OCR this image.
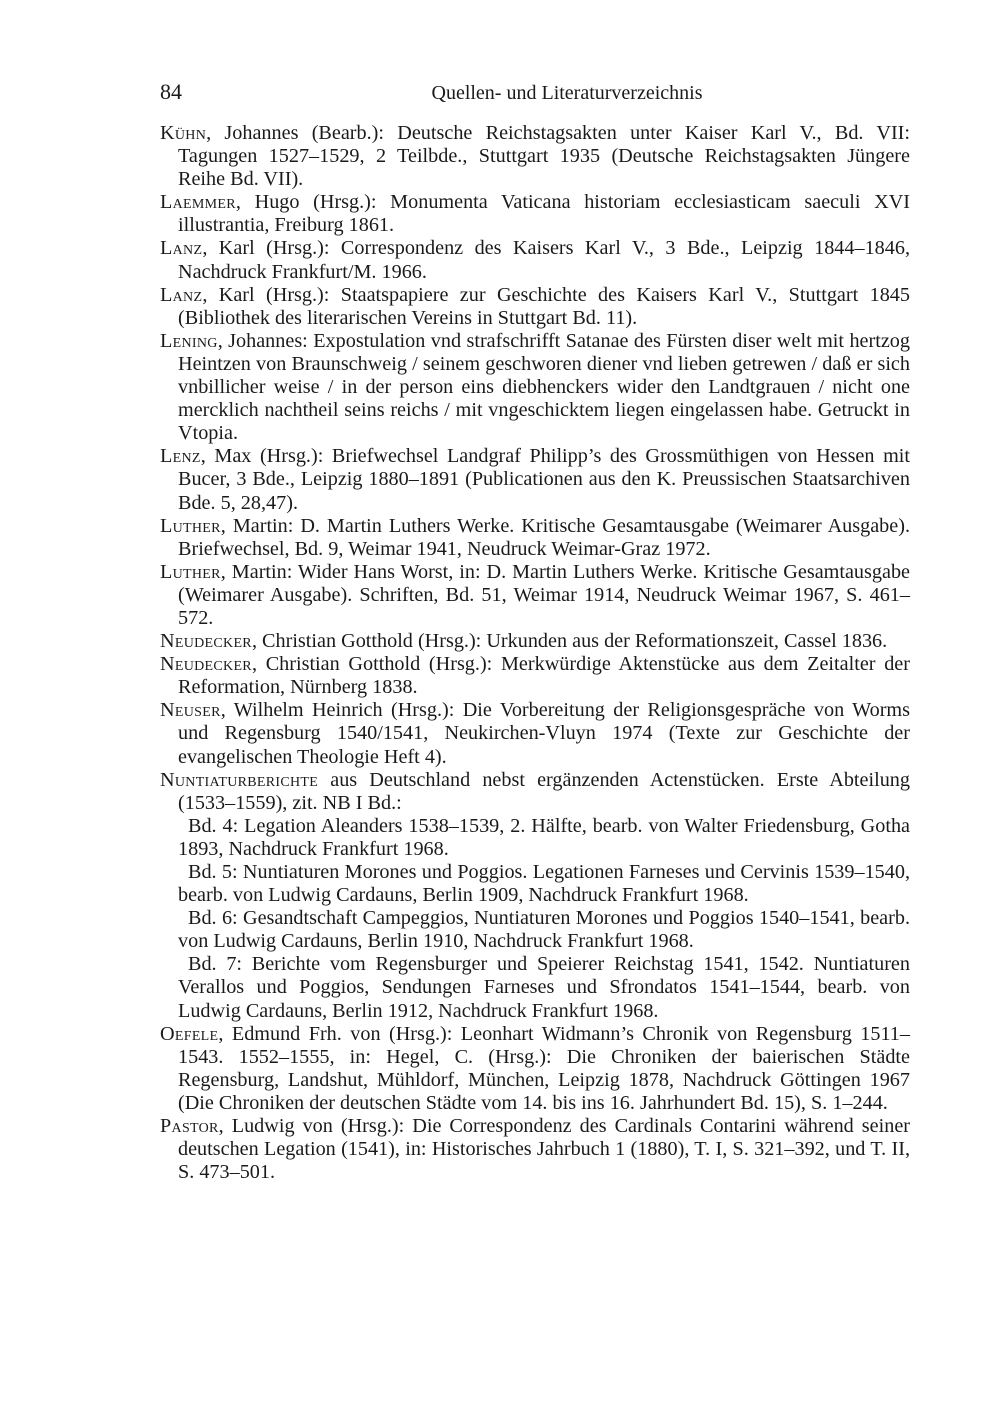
84	Quellen- und Literaturverzeichnis

Kühn, Johannes (Bearb.): Deutsche Reichstagsakten unter Kaiser Karl V., Bd. VII: Tagungen 1527–1529, 2 Teilbde., Stuttgart 1935 (Deutsche Reichstagsakten Jüngere Reihe Bd. VII).

Laemmer, Hugo (Hrsg.): Monumenta Vaticana historiam ecclesiasticam saeculi XVI illustrantia, Freiburg 1861.

Lanz, Karl (Hrsg.): Correspondenz des Kaisers Karl V., 3 Bde., Leipzig 1844–1846, Nachdruck Frankfurt/M. 1966.

Lanz, Karl (Hrsg.): Staatspapiere zur Geschichte des Kaisers Karl V., Stuttgart 1845 (Bibliothek des literarischen Vereins in Stuttgart Bd. 11).

Lening, Johannes: Expostulation vnd strafschrifft Satanae des Fürsten diser welt mit hertzog Heintzen von Braunschweig / seinem geschworen diener vnd lieben getrewen / daß er sich vnbillicher weise / in der person eins diebhenckers wider den Landtgrauen / nicht one mercklich nachtheil seins reichs / mit vngeschicktem liegen eingelassen habe. Getruckt in Vtopia.

Lenz, Max (Hrsg.): Briefwechsel Landgraf Philipp’s des Grossmüthigen von Hessen mit Bucer, 3 Bde., Leipzig 1880–1891 (Publicationen aus den K. Preussischen Staatsarchiven Bde. 5, 28,47).

Luther, Martin: D. Martin Luthers Werke. Kritische Gesamtausgabe (Weimarer Ausgabe). Briefwechsel, Bd. 9, Weimar 1941, Neudruck Weimar-Graz 1972.

Luther, Martin: Wider Hans Worst, in: D. Martin Luthers Werke. Kritische Gesamtausgabe (Weimarer Ausgabe). Schriften, Bd. 51, Weimar 1914, Neudruck Weimar 1967, S. 461–572.

Neudecker, Christian Gotthold (Hrsg.): Urkunden aus der Reformationszeit, Cassel 1836.

Neudecker, Christian Gotthold (Hrsg.): Merkwürdige Aktenstücke aus dem Zeitalter der Reformation, Nürnberg 1838.

Neuser, Wilhelm Heinrich (Hrsg.): Die Vorbereitung der Religionsgespräche von Worms und Regensburg 1540/1541, Neukirchen-Vluyn 1974 (Texte zur Geschichte der evangelischen Theologie Heft 4).

Nuntiaturberichte aus Deutschland nebst ergänzenden Actenstücken. Erste Abteilung (1533–1559), zit. NB I Bd.:

Bd. 4: Legation Aleanders 1538–1539, 2. Hälfte, bearb. von Walter Friedensburg, Gotha 1893, Nachdruck Frankfurt 1968.

Bd. 5: Nuntiaturen Morones und Poggios. Legationen Farneses und Cervinis 1539–1540, bearb. von Ludwig Cardauns, Berlin 1909, Nachdruck Frankfurt 1968.

Bd. 6: Gesandtschaft Campeggios, Nuntiaturen Morones und Poggios 1540–1541, bearb. von Ludwig Cardauns, Berlin 1910, Nachdruck Frankfurt 1968.

Bd. 7: Berichte vom Regensburger und Speierer Reichstag 1541, 1542. Nuntiaturen Verallos und Poggios, Sendungen Farneses und Sfrondatos 1541–1544, bearb. von Ludwig Cardauns, Berlin 1912, Nachdruck Frankfurt 1968.

Oefele, Edmund Frh. von (Hrsg.): Leonhart Widmann’s Chronik von Regensburg 1511–1543. 1552–1555, in: Hegel, C. (Hrsg.): Die Chroniken der baierischen Städte Regensburg, Landshut, Mühldorf, München, Leipzig 1878, Nachdruck Göttingen 1967 (Die Chroniken der deutschen Städte vom 14. bis ins 16. Jahrhundert Bd. 15), S. 1–244.

Pastor, Ludwig von (Hrsg.): Die Correspondenz des Cardinals Contarini während seiner deutschen Legation (1541), in: Historisches Jahrbuch 1 (1880), T. I, S. 321–392, und T. II, S. 473–501.
